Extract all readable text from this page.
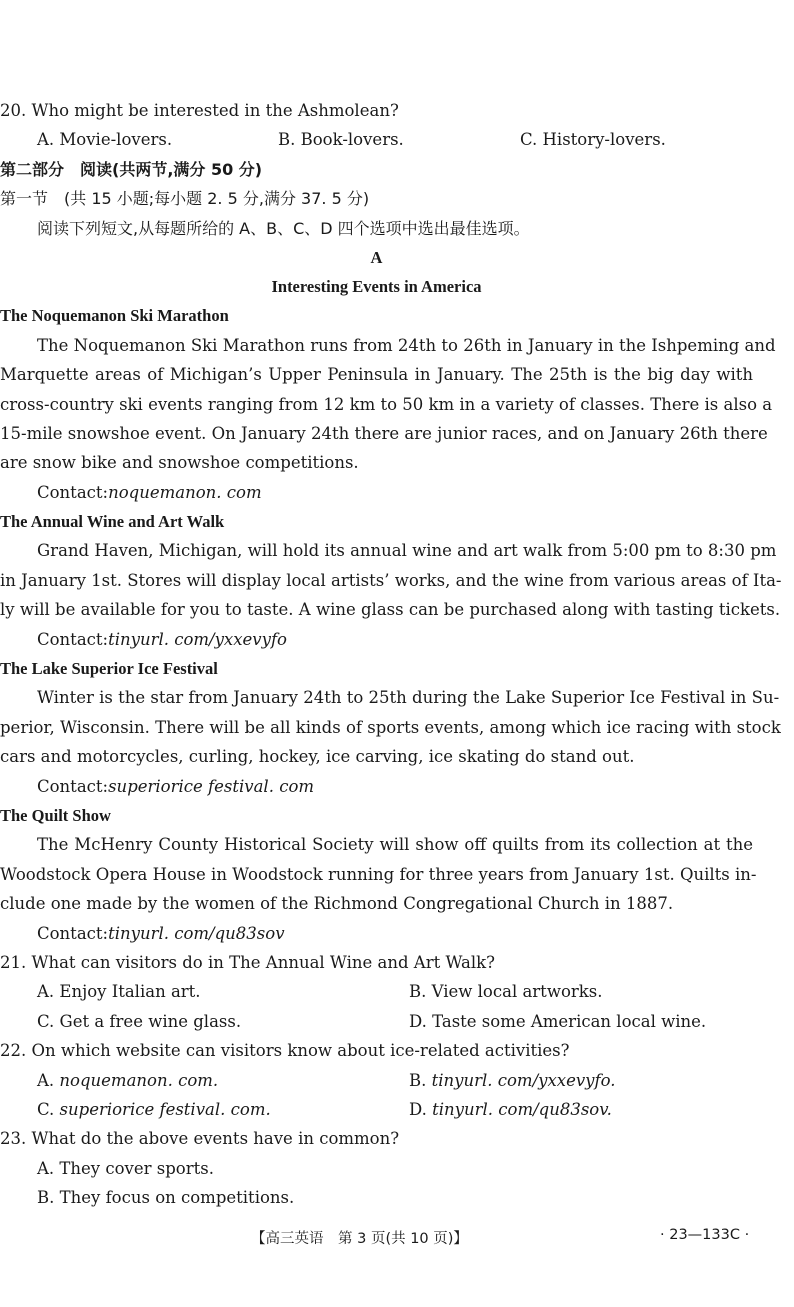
20. Who might be interested in the Ashmolean?
A. Movie-lovers.	B. Book-lovers.	C. History-lovers.
第二部分　阅读(共两节,满分 50 分)
第一节　(共 15 小题;每小题 2. 5 分,满分 37. 5 分)
阅读下列短文,从每题所给的 A、B、C、D 四个选项中选出最佳选项。
A
Interesting Events in America
The Noquemanon Ski Marathon
The Noquemanon Ski Marathon runs from 24th to 26th in January in the Ishpeming and
Marquette areas of Michigan’s Upper Peninsula in January. The 25th is the big day with
cross-country ski events ranging from 12 km to 50 km in a variety of classes. There is also a
15-mile snowshoe event. On January 24th there are junior races, and on January 26th there
are snow bike and snowshoe competitions.
Contact:noquemanon. com
The Annual Wine and Art Walk
Grand Haven, Michigan, will hold its annual wine and art walk from 5:00 pm to 8:30 pm
in January 1st. Stores will display local artists’ works, and the wine from various areas of Ita-
ly will be available for you to taste. A wine glass can be purchased along with tasting tickets.
Contact:tinyurl. com/yxxevyfo
The Lake Superior Ice Festival
Winter is the star from January 24th to 25th during the Lake Superior Ice Festival in Su-
perior, Wisconsin. There will be all kinds of sports events, among which ice racing with stock
cars and motorcycles, curling, hockey, ice carving, ice skating do stand out.
Contact:superiorice festival. com
The Quilt Show
The McHenry County Historical Society will show off quilts from its collection at the
Woodstock Opera House in Woodstock running for three years from January 1st. Quilts in-
clude one made by the women of the Richmond Congregational Church in 1887.
Contact:tinyurl. com/qu83sov
21. What can visitors do in The Annual Wine and Art Walk?
A. Enjoy Italian art.	B. View local artworks.
C. Get a free wine glass.	D. Taste some American local wine.
22. On which website can visitors know about ice-related activities?
A. noquemanon. com.	B. tinyurl. com/yxxevyfo.
C. superiorice festival. com.	D. tinyurl. com/qu83sov.
23. What do the above events have in common?
A. They cover sports.
B. They focus on competitions.
【高三英语　第 3 页(共 10 页)】	· 23—133C ·
